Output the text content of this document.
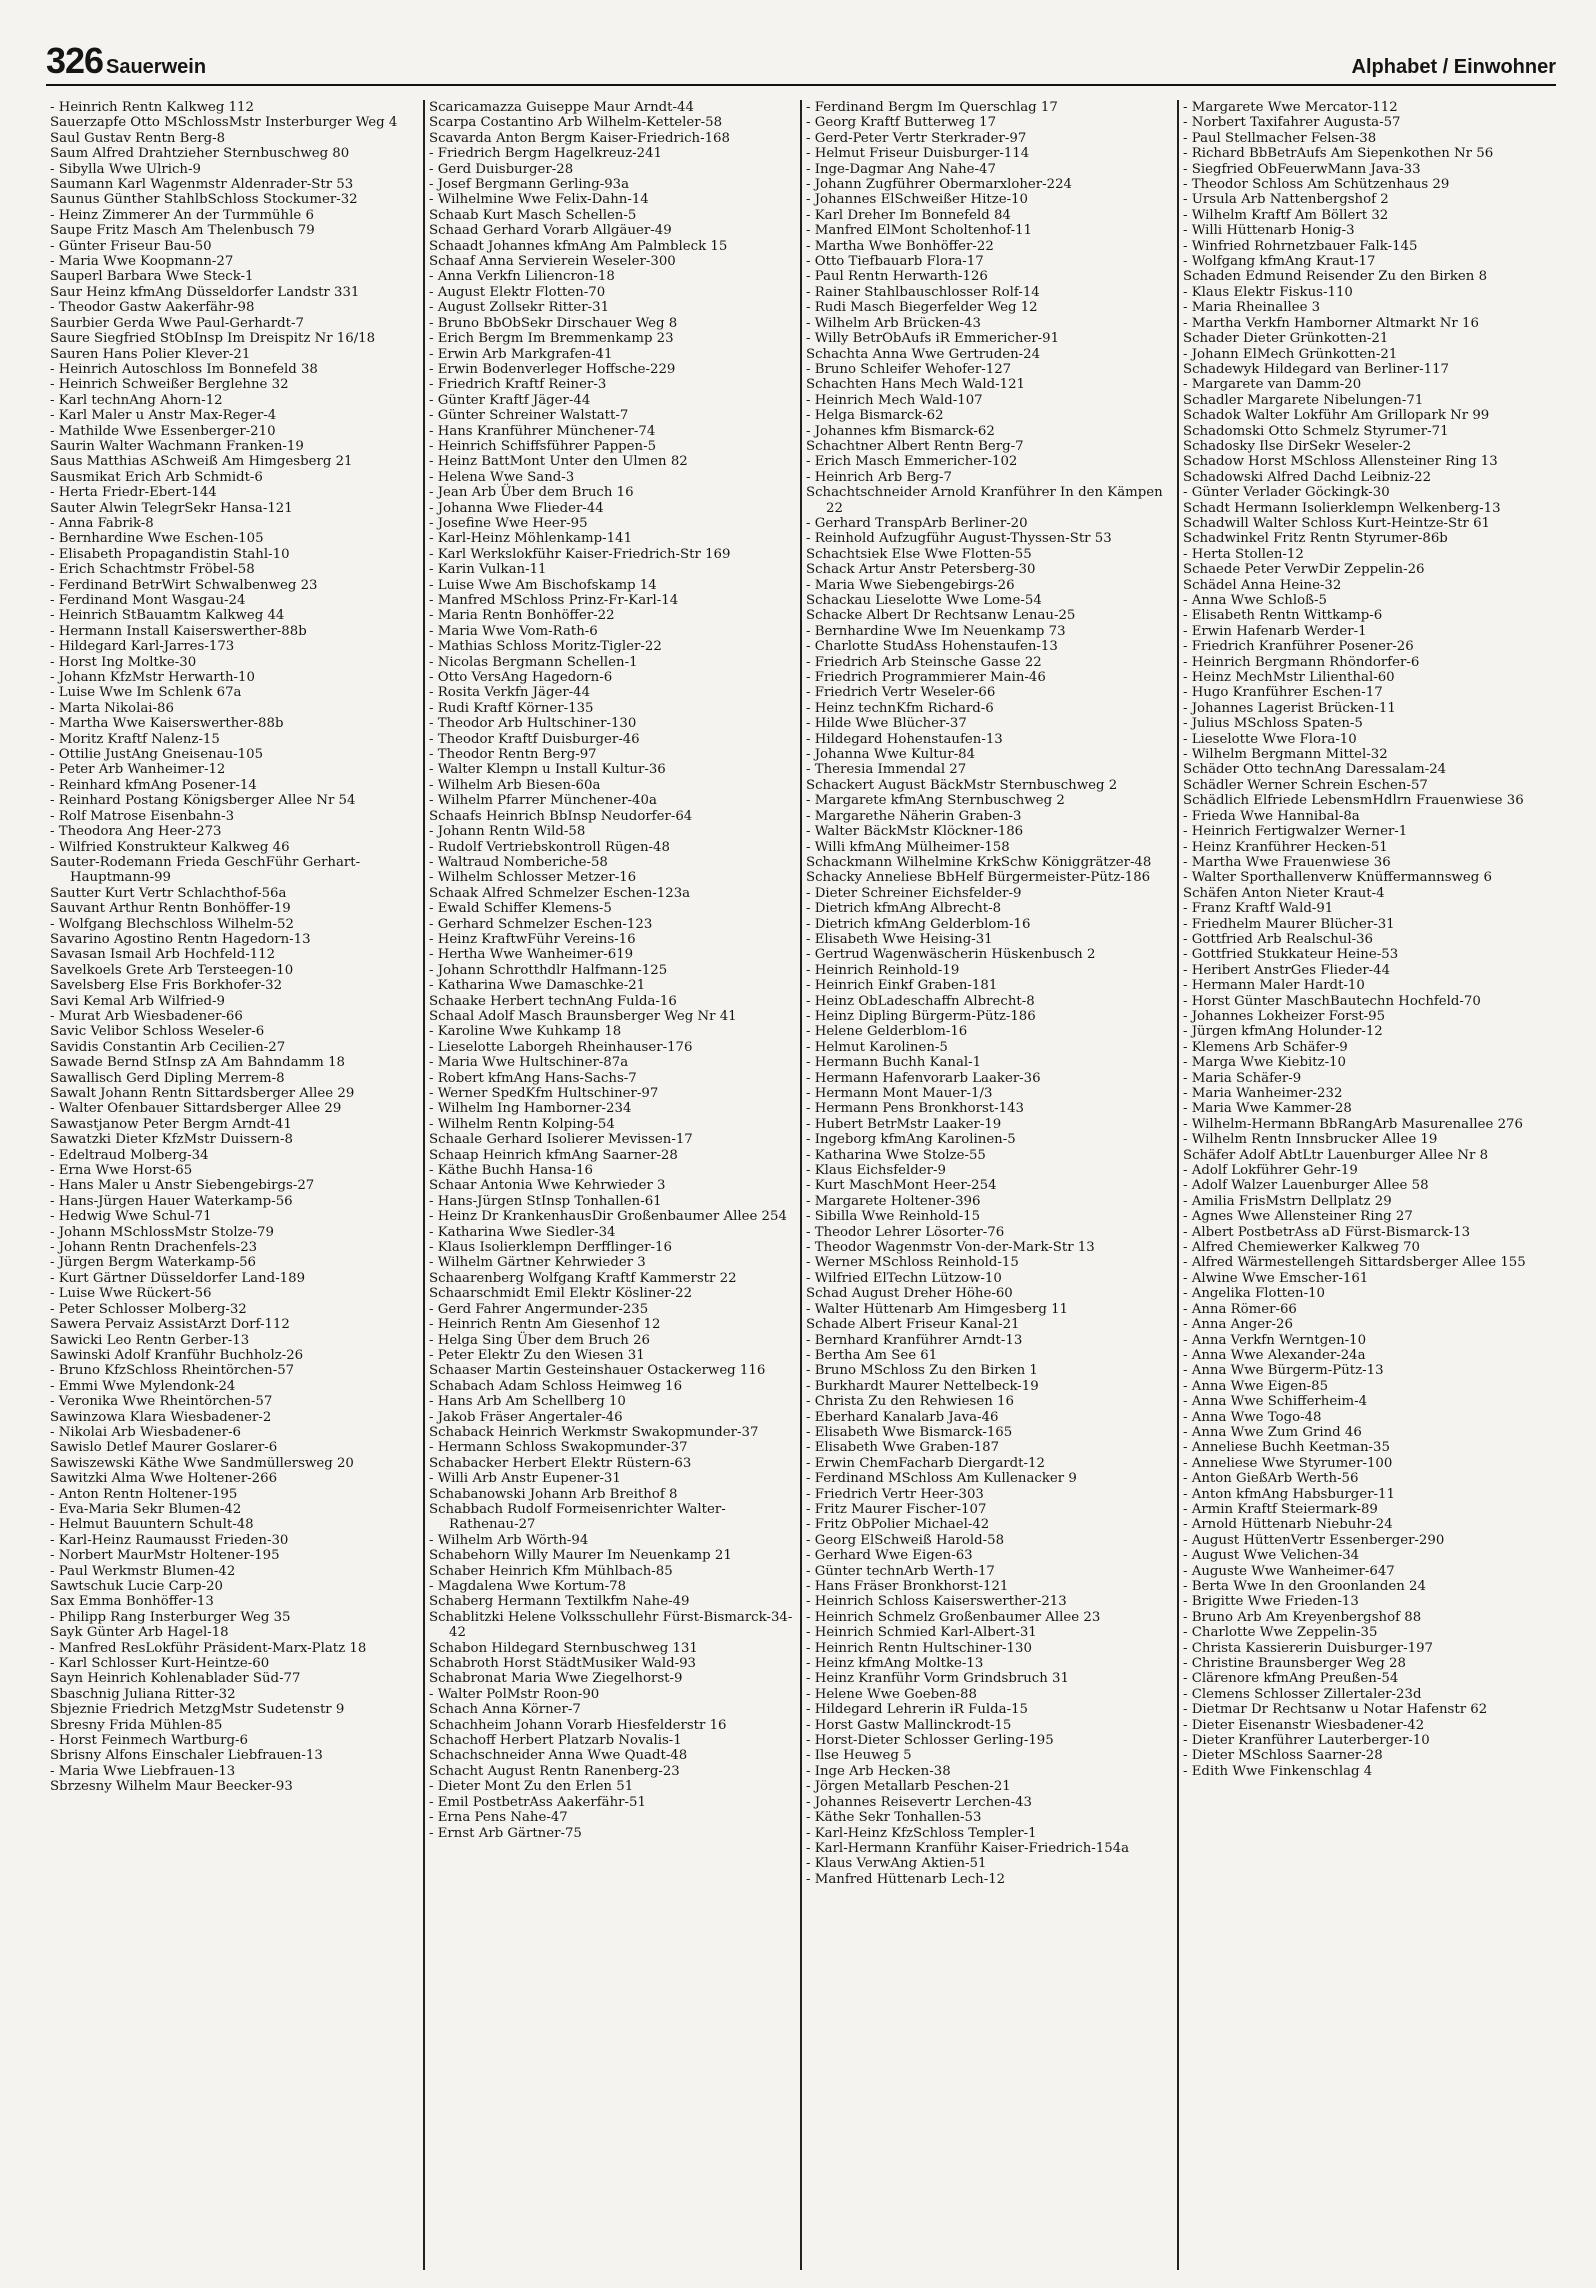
326 Sauerwein	Alphabet / Einwohner
- Heinrich Rentn Kalkweg 112
Sauerzapfe Otto MSchlossMstr Insterburger Weg 4
Saul Gustav Rentn Berg-8
Saum Alfred Drahtzieher Sternbuschweg 80
- Sibylla Wwe Ulrich-9
Saumann Karl Wagenmstr Aldenrader-Str 53
Saunus Günther StahlbSchloss Stockumer-32
- Heinz Zimmerer An der Turmmühle 6
Saupe Fritz Masch Am Thelenbusch 79
- Günter Friseur Bau-50
- Maria Wwe Koopmann-27
Sauperl Barbara Wwe Steck-1
Saur Heinz kfmAng Düsseldorfer Landstr 331
- Theodor Gastw Aakerfähr-98
Saurbier Gerda Wwe Paul-Gerhardt-7
Saure Siegfried StObInsp Im Dreispitz Nr 16/18
Sauren Hans Polier Klever-21
- Heinrich Autoschloss Im Bonnefeld 38
- Heinrich Schweißer Berglehne 32
- Karl technAng Ahorn-12
- Karl Maler u Anstr Max-Reger-4
- Mathilde Wwe Essenberger-210
Saurin Walter Wachmann Franken-19
Saus Matthias ASchweiß Am Himgesberg 21
Sausmikat Erich Arb Schmidt-6
- Herta Friedr-Ebert-144
Sauter Alwin TelegrSekr Hansa-121
- Anna Fabrik-8
- Bernhardine Wwe Eschen-105
- Elisabeth Propagandistin Stahl-10
- Erich Schachtmstr Fröbel-58
- Ferdinand BetrWirt Schwalbenweg 23
- Ferdinand Mont Wasgau-24
- Heinrich StBauamtm Kalkweg 44
- Hermann Install Kaiserswerther-88b
- Hildegard Karl-Jarres-173
- Horst Ing Moltke-30
- Johann KfzMstr Herwarth-10
- Luise Wwe Im Schlenk 67a
- Marta Nikolai-86
- Martha Wwe Kaiserswerther-88b
- Moritz Kraftf Nalenz-15
- Ottilie JustAng Gneisenau-105
- Peter Arb Wanheimer-12
- Reinhard kfmAng Posener-14
- Reinhard Postang Königsberger Allee Nr 54
- Rolf Matrose Eisenbahn-3
- Theodora Ang Heer-273
- Wilfried Konstrukteur Kalkweg 46
Sauter-Rodemann Frieda GeschFühr Gerhart-Hauptmann-99
Sautter Kurt Vertr Schlachthof-56a
Sauvant Arthur Rentn Bonhöffer-19
- Wolfgang Blechschloss Wilhelm-52
Savarino Agostino Rentn Hagedorn-13
Savasan Ismail Arb Hochfeld-112
Savelkoels Grete Arb Tersteegen-10
Savelsberg Else Fris Borkhofer-32
Savi Kemal Arb Wilfried-9
- Murat Arb Wiesbadener-66
Savic Velibor Schloss Weseler-6
Savidis Constantin Arb Cecilien-27
Sawade Bernd StInsp zA Am Bahndamm 18
Sawallisch Gerd Dipling Merrem-8
Sawalt Johann Rentn Sittardsberger Allee 29
- Walter Ofenbauer Sittardsberger Allee 29
Sawastjanow Peter Bergm Arndt-41
Sawatzki Dieter KfzMstr Duissern-8
- Edeltraud Molberg-34
- Erna Wwe Horst-65
- Hans Maler u Anstr Siebengebirgs-27
- Hans-Jürgen Hauer Waterkamp-56
- Hedwig Wwe Schul-71
- Johann MSchlossMstr Stolze-79
- Johann Rentn Drachenfels-23
- Jürgen Bergm Waterkamp-56
- Kurt Gärtner Düsseldorfer Land-189
- Luise Wwe Rückert-56
- Peter Schlosser Molberg-32
Sawera Pervaiz AssistArzt Dorf-112
Sawicki Leo Rentn Gerber-13
Sawinski Adolf Kranführ Buchholz-26
- Bruno KfzSchloss Rheintörchen-57
- Emmi Wwe Mylendonk-24
- Veronika Wwe Rheintörchen-57
Sawinzowa Klara Wiesbadener-2
- Nikolai Arb Wiesbadener-6
Sawislo Detlef Maurer Goslarer-6
Sawiszewski Käthe Wwe Sandmüllersweg 20
Sawitzki Alma Wwe Holtener-266
- Anton Rentn Holtener-195
- Eva-Maria Sekr Blumen-42
- Helmut Bauuntern Schult-48
- Karl-Heinz Raumausst Frieden-30
- Norbert MaurMstr Holtener-195
- Paul Werkmstr Blumen-42
Sawtschuk Lucie Carp-20
Sax Emma Bonhöffer-13
- Philipp Rang Insterburger Weg 35
Sayk Günter Arb Hagel-18
- Manfred ResLokführ Präsident-Marx-Platz 18
- Karl Schlosser Kurt-Heintze-60
Sayn Heinrich Kohlenablader Süd-77
Sbaschnig Juliana Ritter-32
Sbjeznie Friedrich MetzgMstr Sudetenstr 9
Sbresny Frida Mühlen-85
- Horst Feinmech Wartburg-6
Sbrisny Alfons Einschaler Liebfrauen-13
- Maria Wwe Liebfrauen-13
Sbrzesny Wilhelm Maur Beecker-93
Scaricamazza Guiseppe Maur Arndt-44
Scarpa Costantino Arb Wilhelm-Ketteler-58
Scavarda Anton Bergm Kaiser-Friedrich-168
- Friedrich Bergm Hagelkreuz-241
- Gerd Duisburger-28
- Josef Bergmann Gerling-93a
- Wilhelmine Wwe Felix-Dahn-14
Schaab Kurt Masch Schellen-5
Schaad Gerhard Vorarb Allgäuer-49
Schaadt Johannes kfmAng Am Palmbleck 15
Schaaf Anna Servierein Weseler-300
- Anna Verkfn Liliencron-18
- August Elektr Flotten-70
- August Zollsekr Ritter-31
- Bruno BbObSekr Dirschauer Weg 8
- Erich Bergm Im Bremmenkamp 23
- Erwin Arb Markgrafen-41
- Erwin Bodenverleger Hoffsche-229
- Friedrich Kraftf Reiner-3
- Günter Kraftf Jäger-44
- Günter Schreiner Walstatt-7
- Hans Kranführer Münchener-74
- Heinrich Schiffsführer Pappen-5
- Heinz BattMont Unter den Ulmen 82
- Helena Wwe Sand-3
- Jean Arb Über dem Bruch 16
- Johanna Wwe Flieder-44
- Josefine Wwe Heer-95
- Karl-Heinz Möhlenkamp-141
- Karl Werkslokführ Kaiser-Friedrich-Str 169
- Karin Vulkan-11
- Luise Wwe Am Bischofskamp 14
- Manfred MSchloss Prinz-Fr-Karl-14
- Maria Rentn Bonhöffer-22
- Maria Wwe Vom-Rath-6
- Mathias Schloss Moritz-Tigler-22
- Nicolas Bergmann Schellen-1
- Otto VersAng Hagedorn-6
- Rosita Verkfn Jäger-44
- Rudi Kraftf Körner-135
- Theodor Arb Hultschiner-130
- Theodor Kraftf Duisburger-46
- Theodor Rentn Berg-97
- Walter Klempn u Install Kultur-36
- Wilhelm Arb Biesen-60a
- Wilhelm Pfarrer Münchener-40a
Schaafs Heinrich BbInsp Neudorfer-64
- Johann Rentn Wild-58
- Rudolf Vertriebskontroll Rügen-48
- Waltraud Nomberiche-58
- Wilhelm Schlosser Metzer-16
Schaak Alfred Schmelzer Eschen-123a
- Ewald Schiffer Klemens-5
- Gerhard Schmelzer Eschen-123
- Heinz KraftwFühr Vereins-16
- Hertha Wwe Wanheimer-619
- Johann Schrotthdlr Halfmann-125
- Katharina Wwe Damaschke-21
Schaake Herbert technAng Fulda-16
Schaal Adolf Masch Braunsberger Weg Nr 41
- Karoline Wwe Kuhkamp 18
- Lieselotte Laborgeh Rheinhauser-176
- Maria Wwe Hultschiner-87a
- Robert kfmAng Hans-Sachs-7
- Werner SpedKfm Hultschiner-97
- Wilhelm Ing Hamborner-234
- Wilhelm Rentn Kolping-54
Schaale Gerhard Isolierer Mevissen-17
Schaap Heinrich kfmAng Saarner-28
- Käthe Buchh Hansa-16
Schaar Antonia Wwe Kehrwieder 3
- Hans-Jürgen StInsp Tonhallen-61
- Heinz Dr KrankenhausDir Großenbaumer Allee 254
- Katharina Wwe Siedler-34
- Klaus Isolierklempn Derfflinger-16
- Wilhelm Gärtner Kehrwieder 3
Schaarenberg Wolfgang Kraftf Kammerstr 22
Schaarschmidt Emil Elektr Kösliner-22
- Gerd Fahrer Angermunder-235
- Heinrich Rentn Am Giesenhof 12
- Helga Sing Über dem Bruch 26
- Peter Elektr Zu den Wiesen 31
Schaaser Martin Gesteinshauer Ostackerweg 116
Schabach Adam Schloss Heimweg 16
- Hans Arb Am Schellberg 10
- Jakob Fräser Angertaler-46
Schaback Heinrich Werkmstr Swakopmunder-37
- Hermann Schloss Swakopmunder-37
Schabacker Herbert Elektr Rüstern-63
- Willi Arb Anstr Eupener-31
Schabanowski Johann Arb Breithof 8
Schabbach Rudolf Formeisenrichter Walter-Rathenau-27
- Wilhelm Arb Wörth-94
Schabehorn Willy Maurer Im Neuenkamp 21
Schaber Heinrich Kfm Mühlbach-85
- Magdalena Wwe Kortum-78
Schaberg Hermann Textilkfm Nahe-49
Schablitzki Helene Volksschullehr Fürst-Bismarck-34-42
Schabon Hildegard Sternbuschweg 131
Schabroth Horst StädtMusiker Wald-93
Schabronat Maria Wwe Ziegelhorst-9
- Walter PolMstr Roon-90
Schach Anna Körner-7
Schachheim Johann Vorarb Hiesfelderstr 16
Schachoff Herbert Platzarb Novalis-1
Schachschneider Anna Wwe Quadt-48
Schacht August Rentn Ranenberg-23
- Dieter Mont Zu den Erlen 51
- Emil PostbetrAss Aakerfähr-51
- Erna Pens Nahe-47
- Ernst Arb Gärtner-75
- Ferdinand Bergm Im Querschlag 17
- Georg Kraftf Butterweg 17
- Gerd-Peter Vertr Sterkrader-97
- Helmut Friseur Duisburger-114
- Inge-Dagmar Ang Nahe-47
- Johann Zugführer Obermarxloher-224
- Johannes ElSchweißer Hitze-10
- Karl Dreher Im Bonnefeld 84
- Manfred ElMont Scholtenhof-11
- Martha Wwe Bonhöffer-22
- Otto Tiefbauarb Flora-17
- Paul Rentn Herwarth-126
- Rainer Stahlbauschlosser Rolf-14
- Rudi Masch Biegerfelder Weg 12
- Wilhelm Arb Brücken-43
- Willy BetrObAufs iR Emmericher-91
Schachta Anna Wwe Gertruden-24
- Bruno Schleifer Wehofer-127
Schachten Hans Mech Wald-121
- Heinrich Mech Wald-107
- Helga Bismarck-62
- Johannes kfm Bismarck-62
Schachtner Albert Rentn Berg-7
- Erich Masch Emmericher-102
- Heinrich Arb Berg-7
Schachtschneider Arnold Kranführer In den Kämpen 22
- Gerhard TranspArb Berliner-20
- Reinhold Aufzugführ August-Thyssen-Str 53
Schachtsiek Else Wwe Flotten-55
Schack Artur Anstr Petersberg-30
- Maria Wwe Siebengebirgs-26
Schackau Lieselotte Wwe Lome-54
Schacke Albert Dr Rechtsanw Lenau-25
- Bernhardine Wwe Im Neuenkamp 73
- Charlotte StudAss Hohenstaufen-13
- Friedrich Arb Steinsche Gasse 22
- Friedrich Programmierer Main-46
- Friedrich Vertr Weseler-66
- Heinz technKfm Richard-6
- Hilde Wwe Blücher-37
- Hildegard Hohenstaufen-13
- Johanna Wwe Kultur-84
- Theresia Immendal 27
Schackert August BäckMstr Sternbuschweg 2
- Margarete kfmAng Sternbuschweg 2
- Margarethe Näherin Graben-3
- Walter BäckMstr Klöckner-186
- Willi kfmAng Mülheimer-158
Schackmann Wilhelmine KrkSchw Königgrätzer-48
Schacky Anneliese BbHelf Bürgermeister-Pütz-186
- Dieter Schreiner Eichsfelder-9
- Dietrich kfmAng Albrecht-8
- Dietrich kfmAng Gelderblom-16
- Elisabeth Wwe Heising-31
- Gertrud Wagenwäscherin Hüskenbusch 2
- Heinrich Reinhold-19
- Heinrich Einkf Graben-181
- Heinz ObLadeschaffn Albrecht-8
- Heinz Dipling Bürgerm-Pütz-186
- Helene Gelderblom-16
- Helmut Karolinen-5
- Hermann Buchh Kanal-1
- Hermann Hafenvorarb Laaker-36
- Hermann Mont Mauer-1/3
- Hermann Pens Bronkhorst-143
- Hubert BetrMstr Laaker-19
- Ingeborg kfmAng Karolinen-5
- Katharina Wwe Stolze-55
- Klaus Eichsfelder-9
- Kurt MaschMont Heer-254
- Margarete Holtener-396
- Sibilla Wwe Reinhold-15
- Theodor Lehrer Lösorter-76
- Theodor Wagenmstr Von-der-Mark-Str 13
- Werner MSchloss Reinhold-15
- Wilfried ElTechn Lützow-10
Schad August Dreher Höhe-60
- Walter Hüttenarb Am Himgesberg 11
Schade Albert Friseur Kanal-21
- Bernhard Kranführer Arndt-13
- Bertha Am See 61
- Bruno MSchloss Zu den Birken 1
- Burkhardt Maurer Nettelbeck-19
- Christa Zu den Rehwiesen 16
- Eberhard Kanalarb Java-46
- Elisabeth Wwe Bismarck-165
- Elisabeth Wwe Graben-187
- Erwin ChemFacharb Diergardt-12
- Ferdinand MSchloss Am Kullenacker 9
- Friedrich Vertr Heer-303
- Fritz Maurer Fischer-107
- Fritz ObPolier Michael-42
- Georg ElSchweiß Harold-58
- Gerhard Wwe Eigen-63
- Günter technArb Werth-17
- Hans Fräser Bronkhorst-121
- Heinrich Schloss Kaiserswerther-213
- Heinrich Schmelz Großenbaumer Allee 23
- Heinrich Schmied Karl-Albert-31
- Heinrich Rentn Hultschiner-130
- Heinz kfmAng Moltke-13
- Heinz Kranführ Vorm Grindsbruch 31
- Helene Wwe Goeben-88
- Hildegard Lehrerin iR Fulda-15
- Horst Gastw Mallinckrodt-15
- Horst-Dieter Schlosser Gerling-195
- Ilse Heuweg 5
- Inge Arb Hecken-38
- Jörgen Metallarb Peschen-21
- Johannes Reisevertr Lerchen-43
- Käthe Sekr Tonhallen-53
- Karl-Heinz KfzSchloss Templer-1
- Karl-Hermann Kranführ Kaiser-Friedrich-154a
- Klaus VerwAng Aktien-51
- Manfred Hüttenarb Lech-12
- Margarete Wwe Mercator-112
- Norbert Taxifahrer Augusta-57
- Paul Stellmacher Felsen-38
- Richard BbBetrAufs Am Siepenkothen Nr 56
- Siegfried ObFeuerwMann Java-33
- Theodor Schloss Am Schützenhaus 29
- Ursula Arb Nattenbergshof 2
- Wilhelm Kraftf Am Böllert 32
- Willi Hüttenarb Honig-3
- Winfried Rohrnetzbauer Falk-145
- Wolfgang kfmAng Kraut-17
Schaden Edmund Reisender Zu den Birken 8
- Klaus Elektr Fiskus-110
- Maria Rheinallee 3
- Martha Verkfn Hamborner Altmarkt Nr 16
Schader Dieter Grünkotten-21
- Johann ElMech Grünkotten-21
Schadewyk Hildegard van Berliner-117
- Margarete van Damm-20
Schadler Margarete Nibelungen-71
Schadok Walter Lokführ Am Grillopark Nr 99
Schadomski Otto Schmelz Styrumer-71
Schadosky Ilse DirSekr Weseler-2
Schadow Horst MSchloss Allensteiner Ring 13
Schadowski Alfred Dachd Leibniz-22
- Günter Verlader Göckingk-30
Schadt Hermann Isolierklempn Welkenberg-13
Schadwill Walter Schloss Kurt-Heintze-Str 61
Schadwinkel Fritz Rentn Styrumer-86b
- Herta Stollen-12
Schaede Peter VerwDir Zeppelin-26
Schädel Anna Heine-32
- Anna Wwe Schloß-5
- Elisabeth Rentn Wittkamp-6
- Erwin Hafenarb Werder-1
- Friedrich Kranführer Posener-26
- Heinrich Bergmann Rhöndorfer-6
- Heinz MechMstr Lilienthal-60
- Hugo Kranführer Eschen-17
- Johannes Lagerist Brücken-11
- Julius MSchloss Spaten-5
- Lieselotte Wwe Flora-10
- Wilhelm Bergmann Mittel-32
Schäder Otto technAng Daressalam-24
Schädler Werner Schrein Eschen-57
Schädlich Elfriede LebensmHdlrn Frauenwiese 36
- Frieda Wwe Hannibal-8a
- Heinrich Fertigwalzer Werner-1
- Heinz Kranführer Hecken-51
- Martha Wwe Frauenwiese 36
- Walter Sporthallenverw Knüffermannsweg 6
Schäfen Anton Nieter Kraut-4
- Franz Kraftf Wald-91
- Friedhelm Maurer Blücher-31
- Gottfried Arb Realschul-36
- Gottfried Stukkateur Heine-53
- Heribert AnstrGes Flieder-44
- Hermann Maler Hardt-10
- Horst Günter MaschBautechn Hochfeld-70
- Johannes Lokheizer Forst-95
- Jürgen kfmAng Holunder-12
- Klemens Arb Schäfer-9
- Marga Wwe Kiebitz-10
- Maria Schäfer-9
- Maria Wanheimer-232
- Maria Wwe Kammer-28
- Wilhelm-Hermann BbRangArb Masurenallee 276
- Wilhelm Rentn Innsbrucker Allee 19
Schäfer Adolf AbtLtr Lauenburger Allee Nr 8
- Adolf Lokführer Gehr-19
- Adolf Walzer Lauenburger Allee 58
- Amilia FrisMstrn Dellplatz 29
- Agnes Wwe Allensteiner Ring 27
- Albert PostbetrAss aD Fürst-Bismarck-13
- Alfred Chemiewerker Kalkweg 70
- Alfred Wärmestellengeh Sittardsberger Allee 155
- Alwine Wwe Emscher-161
- Angelika Flotten-10
- Anna Römer-66
- Anna Anger-26
- Anna Verkfn Werntgen-10
- Anna Wwe Alexander-24a
- Anna Wwe Bürgerm-Pütz-13
- Anna Wwe Eigen-85
- Anna Wwe Schifferheim-4
- Anna Wwe Togo-48
- Anna Wwe Zum Grind 46
- Anneliese Buchh Keetman-35
- Anneliese Wwe Styrumer-100
- Anton GießArb Werth-56
- Anton kfmAng Habsburger-11
- Armin Kraftf Steiermark-89
- Arnold Hüttenarb Niebuhr-24
- August HüttenVertr Essenberger-290
- August Wwe Velichen-34
- Auguste Wwe Wanheimer-647
- Berta Wwe In den Groonlanden 24
- Brigitte Wwe Frieden-13
- Bruno Arb Am Kreyenbergshof 88
- Charlotte Wwe Zeppelin-35
- Christa Kassiererin Duisburger-197
- Christine Braunsberger Weg 28
- Clärenore kfmAng Preußen-54
- Clemens Schlosser Zillertaler-23d
- Dietmar Dr Rechtsanw u Notar Hafenstr 62
- Dieter Eisenanstr Wiesbadener-42
- Dieter Kranführer Lauterberger-10
- Dieter MSchloss Saarner-28
- Edith Wwe Finkenschlag 4
